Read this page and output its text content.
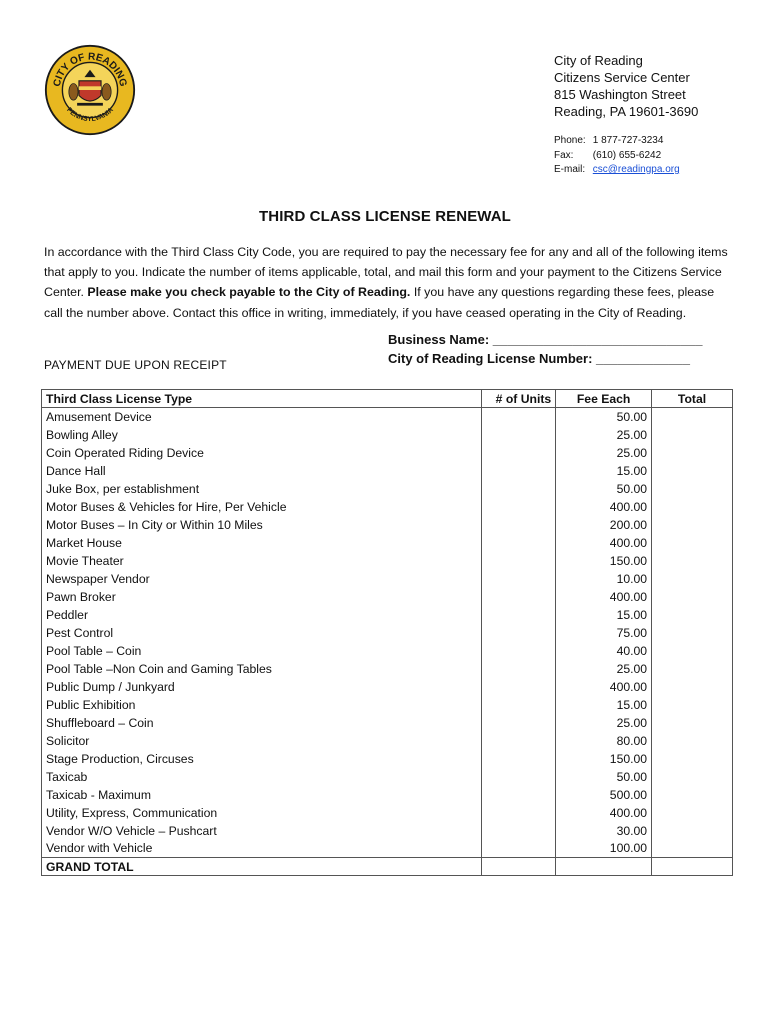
CITY OF READING
PENNSYLVANIA
City of Reading
Citizens Service Center
815 Washington Street
Reading, PA 19601-3690
Phone: 1 877-727-3234
Fax: (610) 655-6242
E-mail: csc@readingpa.org
THIRD CLASS LICENSE RENEWAL

In accordance with the Third Class City Code, you are required to pay the necessary fee for any and all of the following items that apply to you. Indicate the number of items applicable, total, and mail this form and your payment to the Citizens Service Center. Please make you check payable to the City of Reading. If you have any questions regarding these fees, please call the number above. Contact this office in writing, immediately, if you have ceased operating in the City of Reading.

Business Name: _____________________________
City of Reading License Number: _____________
PAYMENT DUE UPON RECEIPT
Third Class License Type	# of Units	Fee Each	Total
Amusement Device		50.00	
Bowling Alley		25.00	
Coin Operated Riding Device		25.00	
Dance Hall		15.00	
Juke Box, per establishment		50.00	
Motor Buses & Vehicles for Hire, Per Vehicle		400.00	
Motor Buses – In City or Within 10 Miles		200.00	
Market House		400.00	
Movie Theater		150.00	
Newspaper Vendor		10.00	
Pawn Broker		400.00	
Peddler		15.00	
Pest Control		75.00	
Pool Table – Coin		40.00	
Pool Table –Non Coin and Gaming Tables		25.00	
Public Dump / Junkyard		400.00	
Public Exhibition		15.00	
Shuffleboard – Coin		25.00	
Solicitor		80.00	
Stage Production, Circuses		150.00	
Taxicab		50.00	
Taxicab - Maximum		500.00	
Utility, Express, Communication		400.00	
Vendor W/O Vehicle – Pushcart		30.00	
Vendor with Vehicle		100.00	
GRAND TOTAL			
